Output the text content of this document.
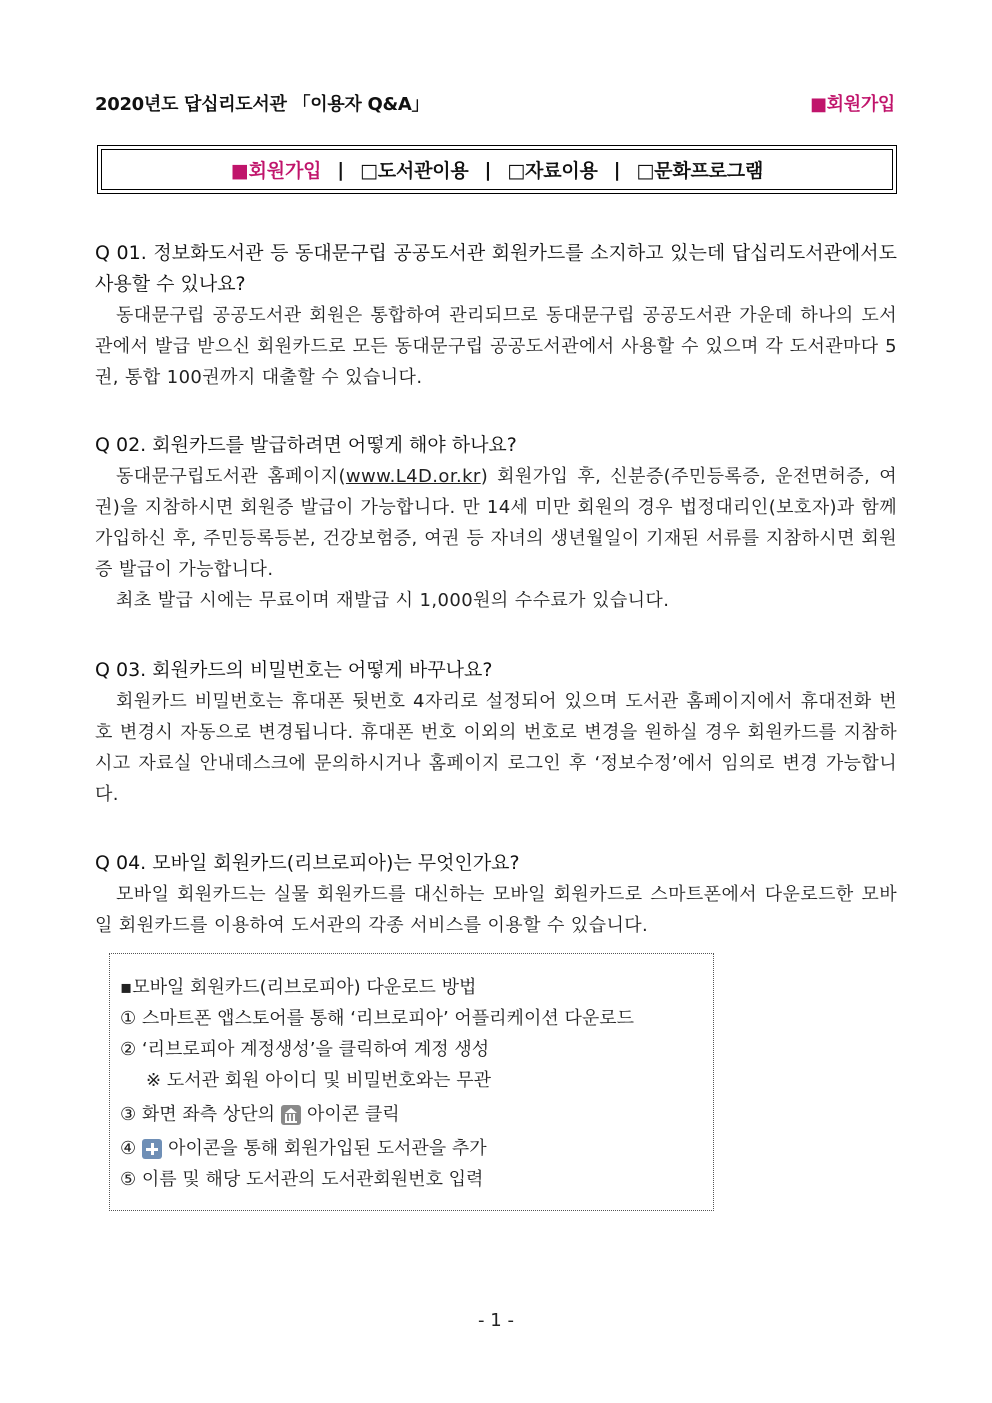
2020년도 답십리도서관 「이용자 Q&A」	■회원가입
■회원가입 | □도서관이용 | □자료이용 | □문화프로그램
Q 01. 정보화도서관 등 동대문구립 공공도서관 회원카드를 소지하고 있는데 답십리도서관에서도 사용할 수 있나요?
동대문구립 공공도서관 회원은 통합하여 관리되므로 동대문구립 공공도서관 가운데 하나의 도서관에서 발급 받으신 회원카드로 모든 동대문구립 공공도서관에서 사용할 수 있으며 각 도서관마다 5권, 통합 100권까지 대출할 수 있습니다.
Q 02. 회원카드를 발급하려면 어떻게 해야 하나요?
동대문구립도서관 홈페이지(www.L4D.or.kr) 회원가입 후, 신분증(주민등록증, 운전면허증, 여권)을 지참하시면 회원증 발급이 가능합니다. 만 14세 미만 회원의 경우 법정대리인(보호자)과 함께 가입하신 후, 주민등록등본, 건강보험증, 여권 등 자녀의 생년월일이 기재된 서류를 지참하시면 회원증 발급이 가능합니다.
최초 발급 시에는 무료이며 재발급 시 1,000원의 수수료가 있습니다.
Q 03. 회원카드의 비밀번호는 어떻게 바꾸나요?
회원카드 비밀번호는 휴대폰 뒷번호 4자리로 설정되어 있으며 도서관 홈페이지에서 휴대전화 번호 변경시 자동으로 변경됩니다. 휴대폰 번호 이외의 번호로 변경을 원하실 경우 회원카드를 지참하시고 자료실 안내데스크에 문의하시거나 홈페이지 로그인 후 ‘정보수정’에서 임의로 변경 가능합니다.
Q 04. 모바일 회원카드(리브로피아)는 무엇인가요?
모바일 회원카드는 실물 회원카드를 대신하는 모바일 회원카드로 스마트폰에서 다운로드한 모바일 회원카드를 이용하여 도서관의 각종 서비스를 이용할 수 있습니다.
▪모바일 회원카드(리브로피아) 다운로드 방법
① 스마트폰 앱스토어를 통해 ‘리브로피아’ 어플리케이션 다운로드
② ‘리브로피아 계정생성’을 클릭하여 계정 생성
※ 도서관 회원 아이디 및 비밀번호와는 무관
③ 화면 좌측 상단의 아이콘 클릭
④ 아이콘을 통해 회원가입된 도서관을 추가
⑤ 이름 및 해당 도서관의 도서관회원번호 입력
- 1 -
